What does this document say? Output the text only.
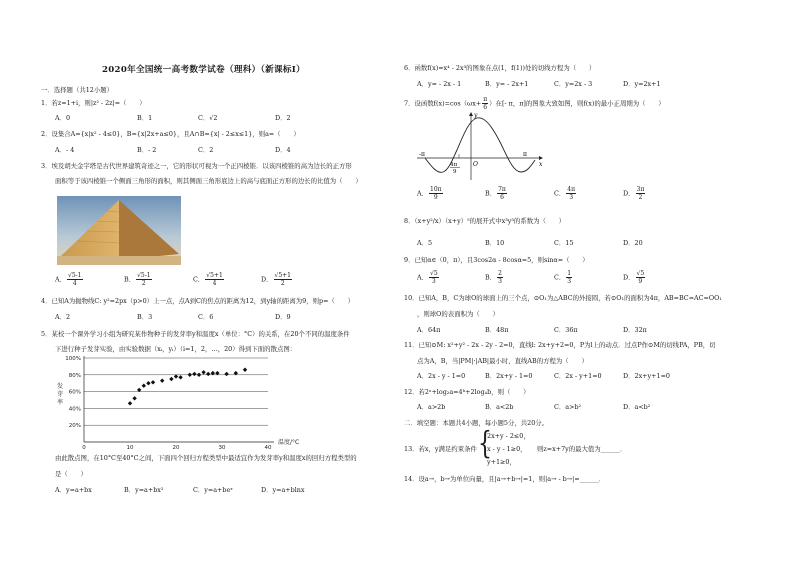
2020年全国统一高考数学试卷（理科）（新课标Ⅰ）
一．选择题（共12小题）
1．若z=1+i，则|z² - 2z|=（　　）
A．0	B．1	C．√2	D．2
2．设集合A={x|x² - 4≤0}，B={x|2x+a≤0}，且A∩B={x| - 2≤x≤1}，则a=（　　）
A．- 4	B．- 2	C．2	D．4
3．埃及胡夫金字塔是古代世界建筑奇迹之一，它的形状可视为一个正四棱锥．以该四棱锥的高为边长的正方形
面积等于该四棱锥一个侧面三角形的面积，则其侧面三角形底边上的高与底面正方形的边长的比值为（　　）
A． $\frac{√5-1}{4}$	B． $\frac{√5-1}{2}$	C． $\frac{√5+1}{4}$	D． $\frac{√5+1}{2}$
4．已知A为抛物线C: y²=2px（p>0）上一点，点A到C的焦点的距离为12，到y轴的距离为9，则p=（　　）
A．2	B．3	C．6	D．9
5．某校一个课外学习小组为研究某作物种子的发芽率y和温度x（单位：°C）的关系，在20个不同的温度条件
下进行种子发芽实验，由实验数据（xᵢ，yᵢ）（i=1，2，…，20）得到下面的散点图：
20%
40%
60%
80%
100%
0	10	20	30	40
温度/°C
发
芽
率
由此散点图，在10°C至40°C之间，下面四个回归方程类型中最适宜作为发芽率y和温度x的回归方程类型的
是（　　）
A．y=a+bx	B．y=a+bx²	C．y=a+beˣ	D．y=a+blnx
6．函数f(x)=x⁴ - 2x³的图象在点(1，f(1))处的切线方程为（　　）
A．y= - 2x - 1	B．y= - 2x+1	C．y=2x - 3	D．y=2x+1
7．设函数$f(x)=\cos(\omega x+ \frac{\pi}{6}$ ）在[- π，π]的图象大致如图，则f(x)的最小正周期为（　　）
-π	π
O	x
y
4π
9
A． $\frac{10\pi}{9}$	B． $\frac{7\pi}{6}$	C． $\frac{4\pi}{3}$	D． $\frac{3\pi}{2}$
8．（x+y²/x）（x+y）⁵的展开式中x³y³的系数为（　　）
A．5	B．10	C．15	D．20
9．已知α∈（0，π），且3cos2α - 8cosα=5，则sinα=（　　）
A． $\frac{√5}{3}$	B． $\frac{2}{3}$	C． $\frac{1}{3}$	D． $\frac{√5}{9}$
10．已知A，B，C为球O的球面上的三个点，⊙O₁为△ABC的外接圆，若⊙O₁的面积为4π，AB=BC=AC=OO₁
，则球O的表面积为（　　）
A．64π	B．48π	C．36π	D．32π
11．已知⊙M: x²+y² - 2x - 2y - 2=0，直线l: 2x+y+2=0，P为l上的动点．过点P作⊙M的切线PA，PB，切
点为A，B，当|PM|·|AB|最小时，直线AB的方程为（　　）
A．2x - y - 1=0	B．2x+y - 1=0	C．2x - y+1=0	D．2x+y+1=0
12．若2ᵃ+log₂a=4ᵇ+2log₄b，则（　　）
A．a>2b	B．a<2b	C．a>b²	D．a<b²
二．填空题：本题共4小题，每小题5分，共20分。
13．若x，y满足约束条件 {
2x+y - 2≤0，
x - y - 1≥0，
y+1≥0，
则z=x+7y的最大值为______．
14．设a→，b→为单位向量，且|a→+b→|=1，则|a→ - b→|=______．
